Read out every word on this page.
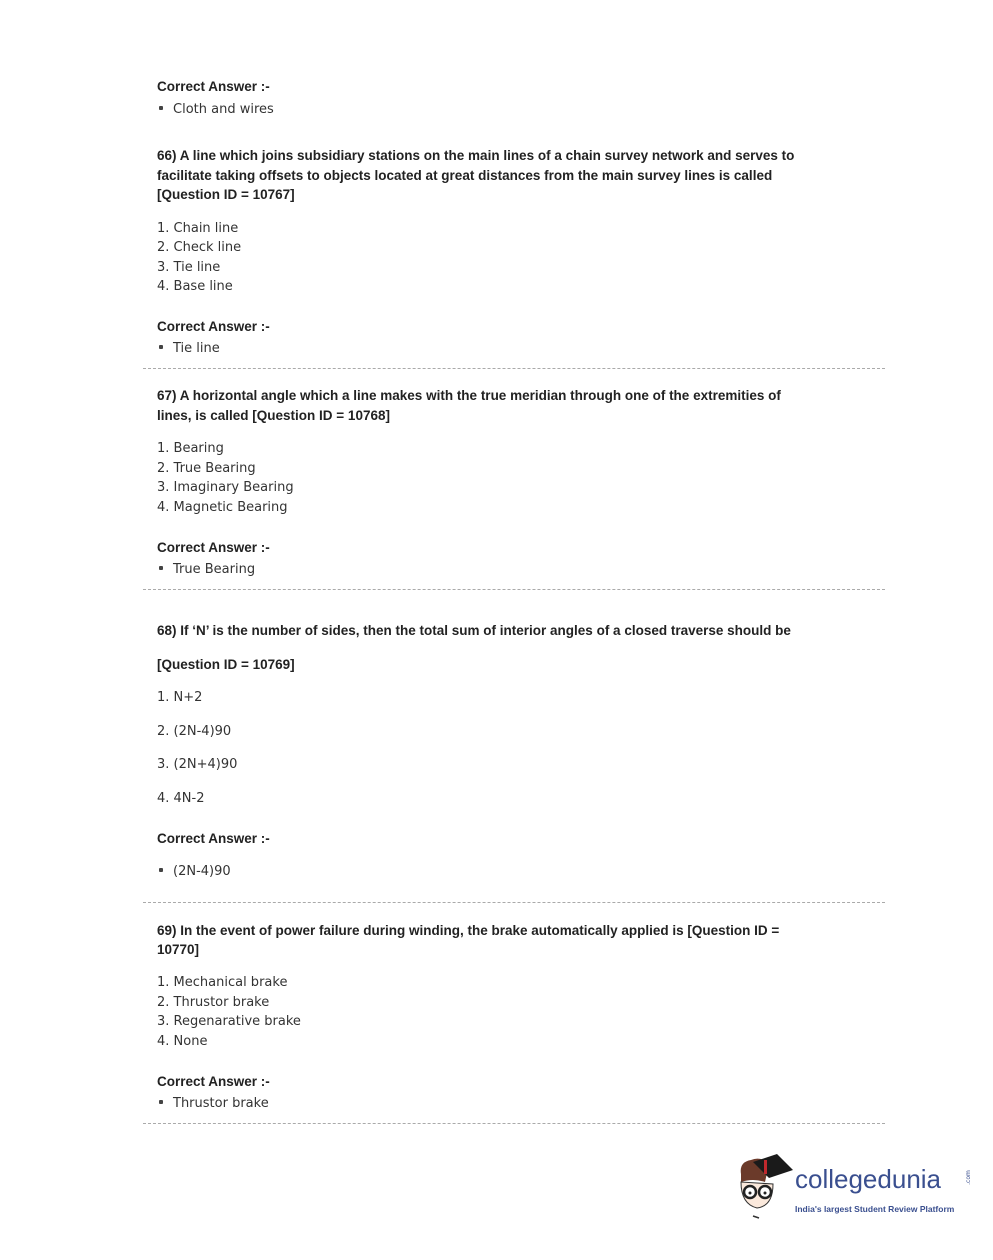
Correct Answer :-
Cloth and wires
66) A line which joins subsidiary stations on the main lines of a chain survey network and serves to
facilitate taking offsets to objects located at great distances from the main survey lines is called
[Question ID = 10767]
1. Chain line
2. Check line
3. Tie line
4. Base line
Correct Answer :-
Tie line
67) A horizontal angle which a line makes with the true meridian through one of the extremities of
lines, is called [Question ID = 10768]
1. Bearing
2. True Bearing
3. Imaginary Bearing
4. Magnetic Bearing
Correct Answer :-
True Bearing
68) If ‘N’ is the number of sides, then the total sum of interior angles of a closed traverse should be
[Question ID = 10769]
1. N+2
2. (2N-4)90
3. (2N+4)90
4. 4N-2
Correct Answer :-
(2N-4)90
69) In the event of power failure during winding, the brake automatically applied is [Question ID =
10770]
1. Mechanical brake
2. Thrustor brake
3. Regenarative brake
4. None
Correct Answer :-
Thrustor brake
collegedunia	.com
India's largest Student Review Platform
